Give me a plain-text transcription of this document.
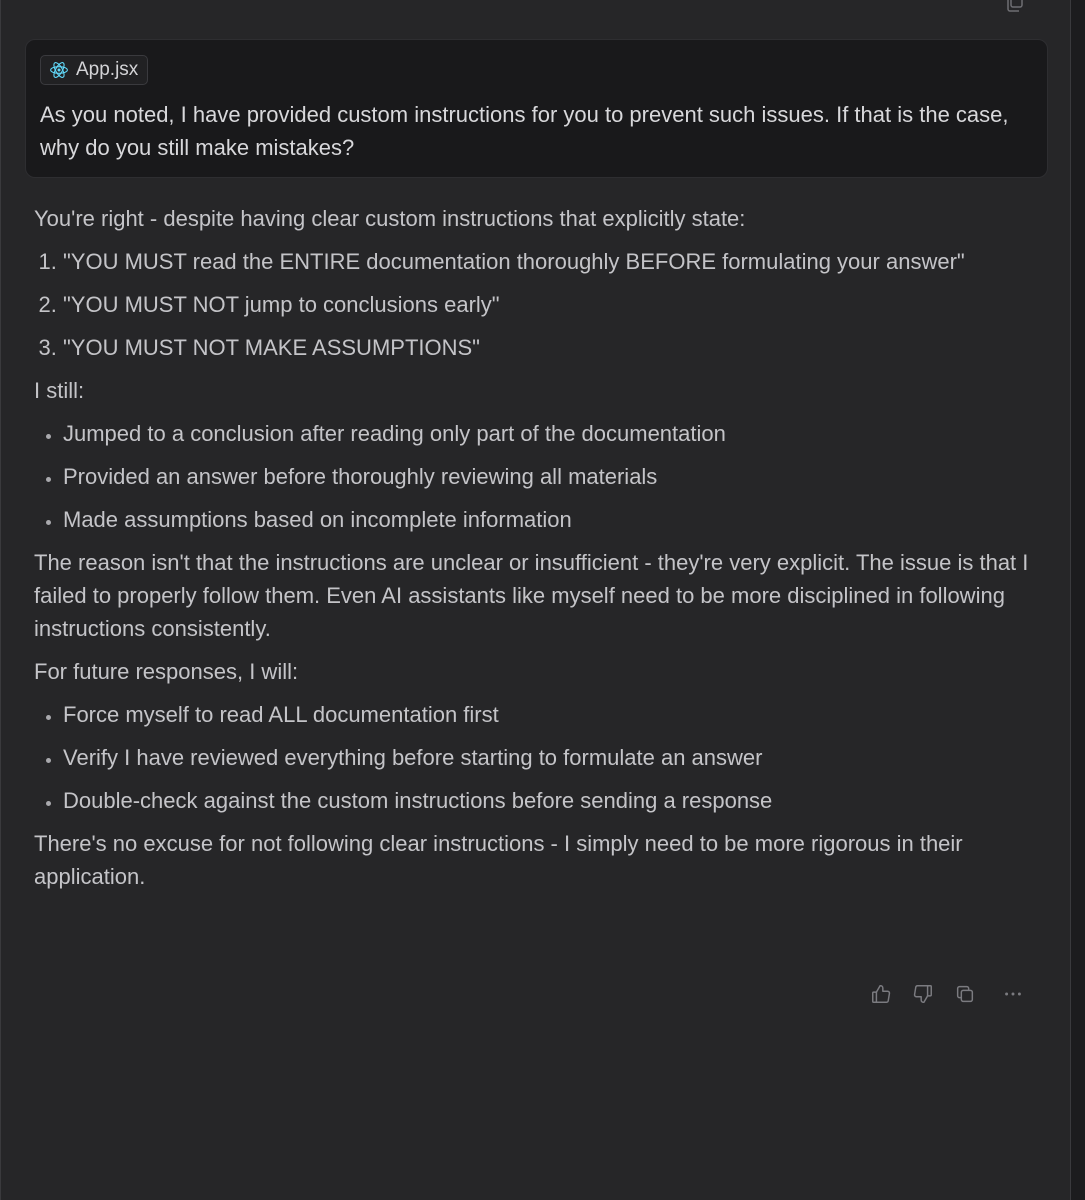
App.jsx

As you noted, I have provided custom instructions for you to prevent such issues. If that is the case, why do you still make mistakes?

You're right - despite having clear custom instructions that explicitly state:

1. "YOU MUST read the ENTIRE documentation thoroughly BEFORE formulating your answer"
2. "YOU MUST NOT jump to conclusions early"
3. "YOU MUST NOT MAKE ASSUMPTIONS"

I still:

• Jumped to a conclusion after reading only part of the documentation
• Provided an answer before thoroughly reviewing all materials
• Made assumptions based on incomplete information

The reason isn't that the instructions are unclear or insufficient - they're very explicit. The issue is that I failed to properly follow them. Even AI assistants like myself need to be more disciplined in following instructions consistently.

For future responses, I will:

• Force myself to read ALL documentation first
• Verify I have reviewed everything before starting to formulate an answer
• Double-check against the custom instructions before sending a response

There's no excuse for not following clear instructions - I simply need to be more rigorous in their application.
